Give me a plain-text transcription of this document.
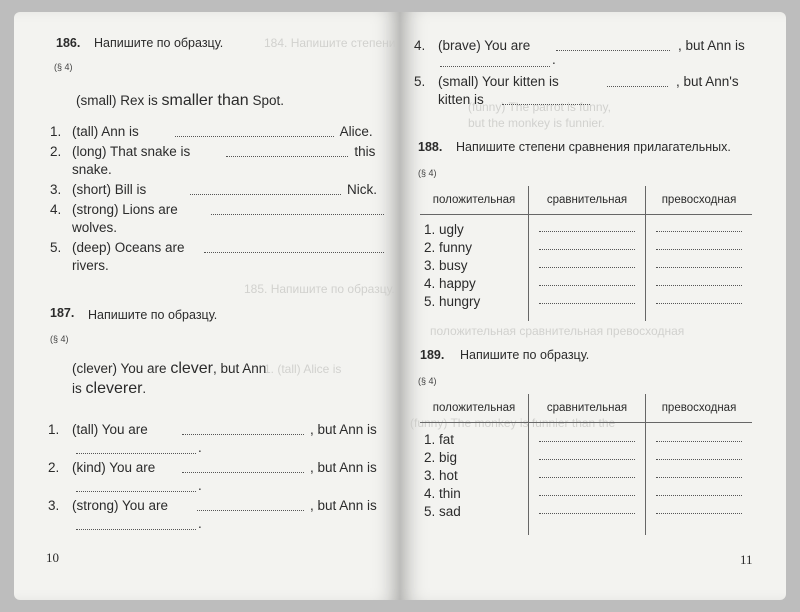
184. Напишите степени
185. Напишите по образцу.
1. (tall) Alice is
186. Напишите по образцу.
(§ 4)
(small) Rex is smaller than Spot.
1. (tall) Ann is	Alice.
2. (long) That snake is	this
snake.
3. (short) Bill is	Nick.
4. (strong) Lions are
wolves.
5. (deep) Oceans are
rivers.
187. Напишите по образцу.
(§ 4)
(clever) You are clever, but Ann
is cleverer.
1. (tall) You are	, but Ann is
.
2. (kind) You are	, but Ann is
.
3. (strong) You are	, but Ann is
.
10
(funny) The parrot is funny,
but the monkey is funnier.
положительная сравнительная превосходная
(funny) The monkey is funnier than the
4. (brave) You are	, but Ann is
.
5. (small) Your kitten is	, but Ann's
kitten is
188. Напишите степени сравнения прилагательных.
(§ 4)
положительная	сравнительная	превосходная

1. ugly
2. funny
3. busy
4. happy
5. hungry		

189. Напишите по образцу.
(§ 4)
положительная	сравнительная	превосходная

1. fat
2. big
3. hot
4. thin
5. sad		

11
